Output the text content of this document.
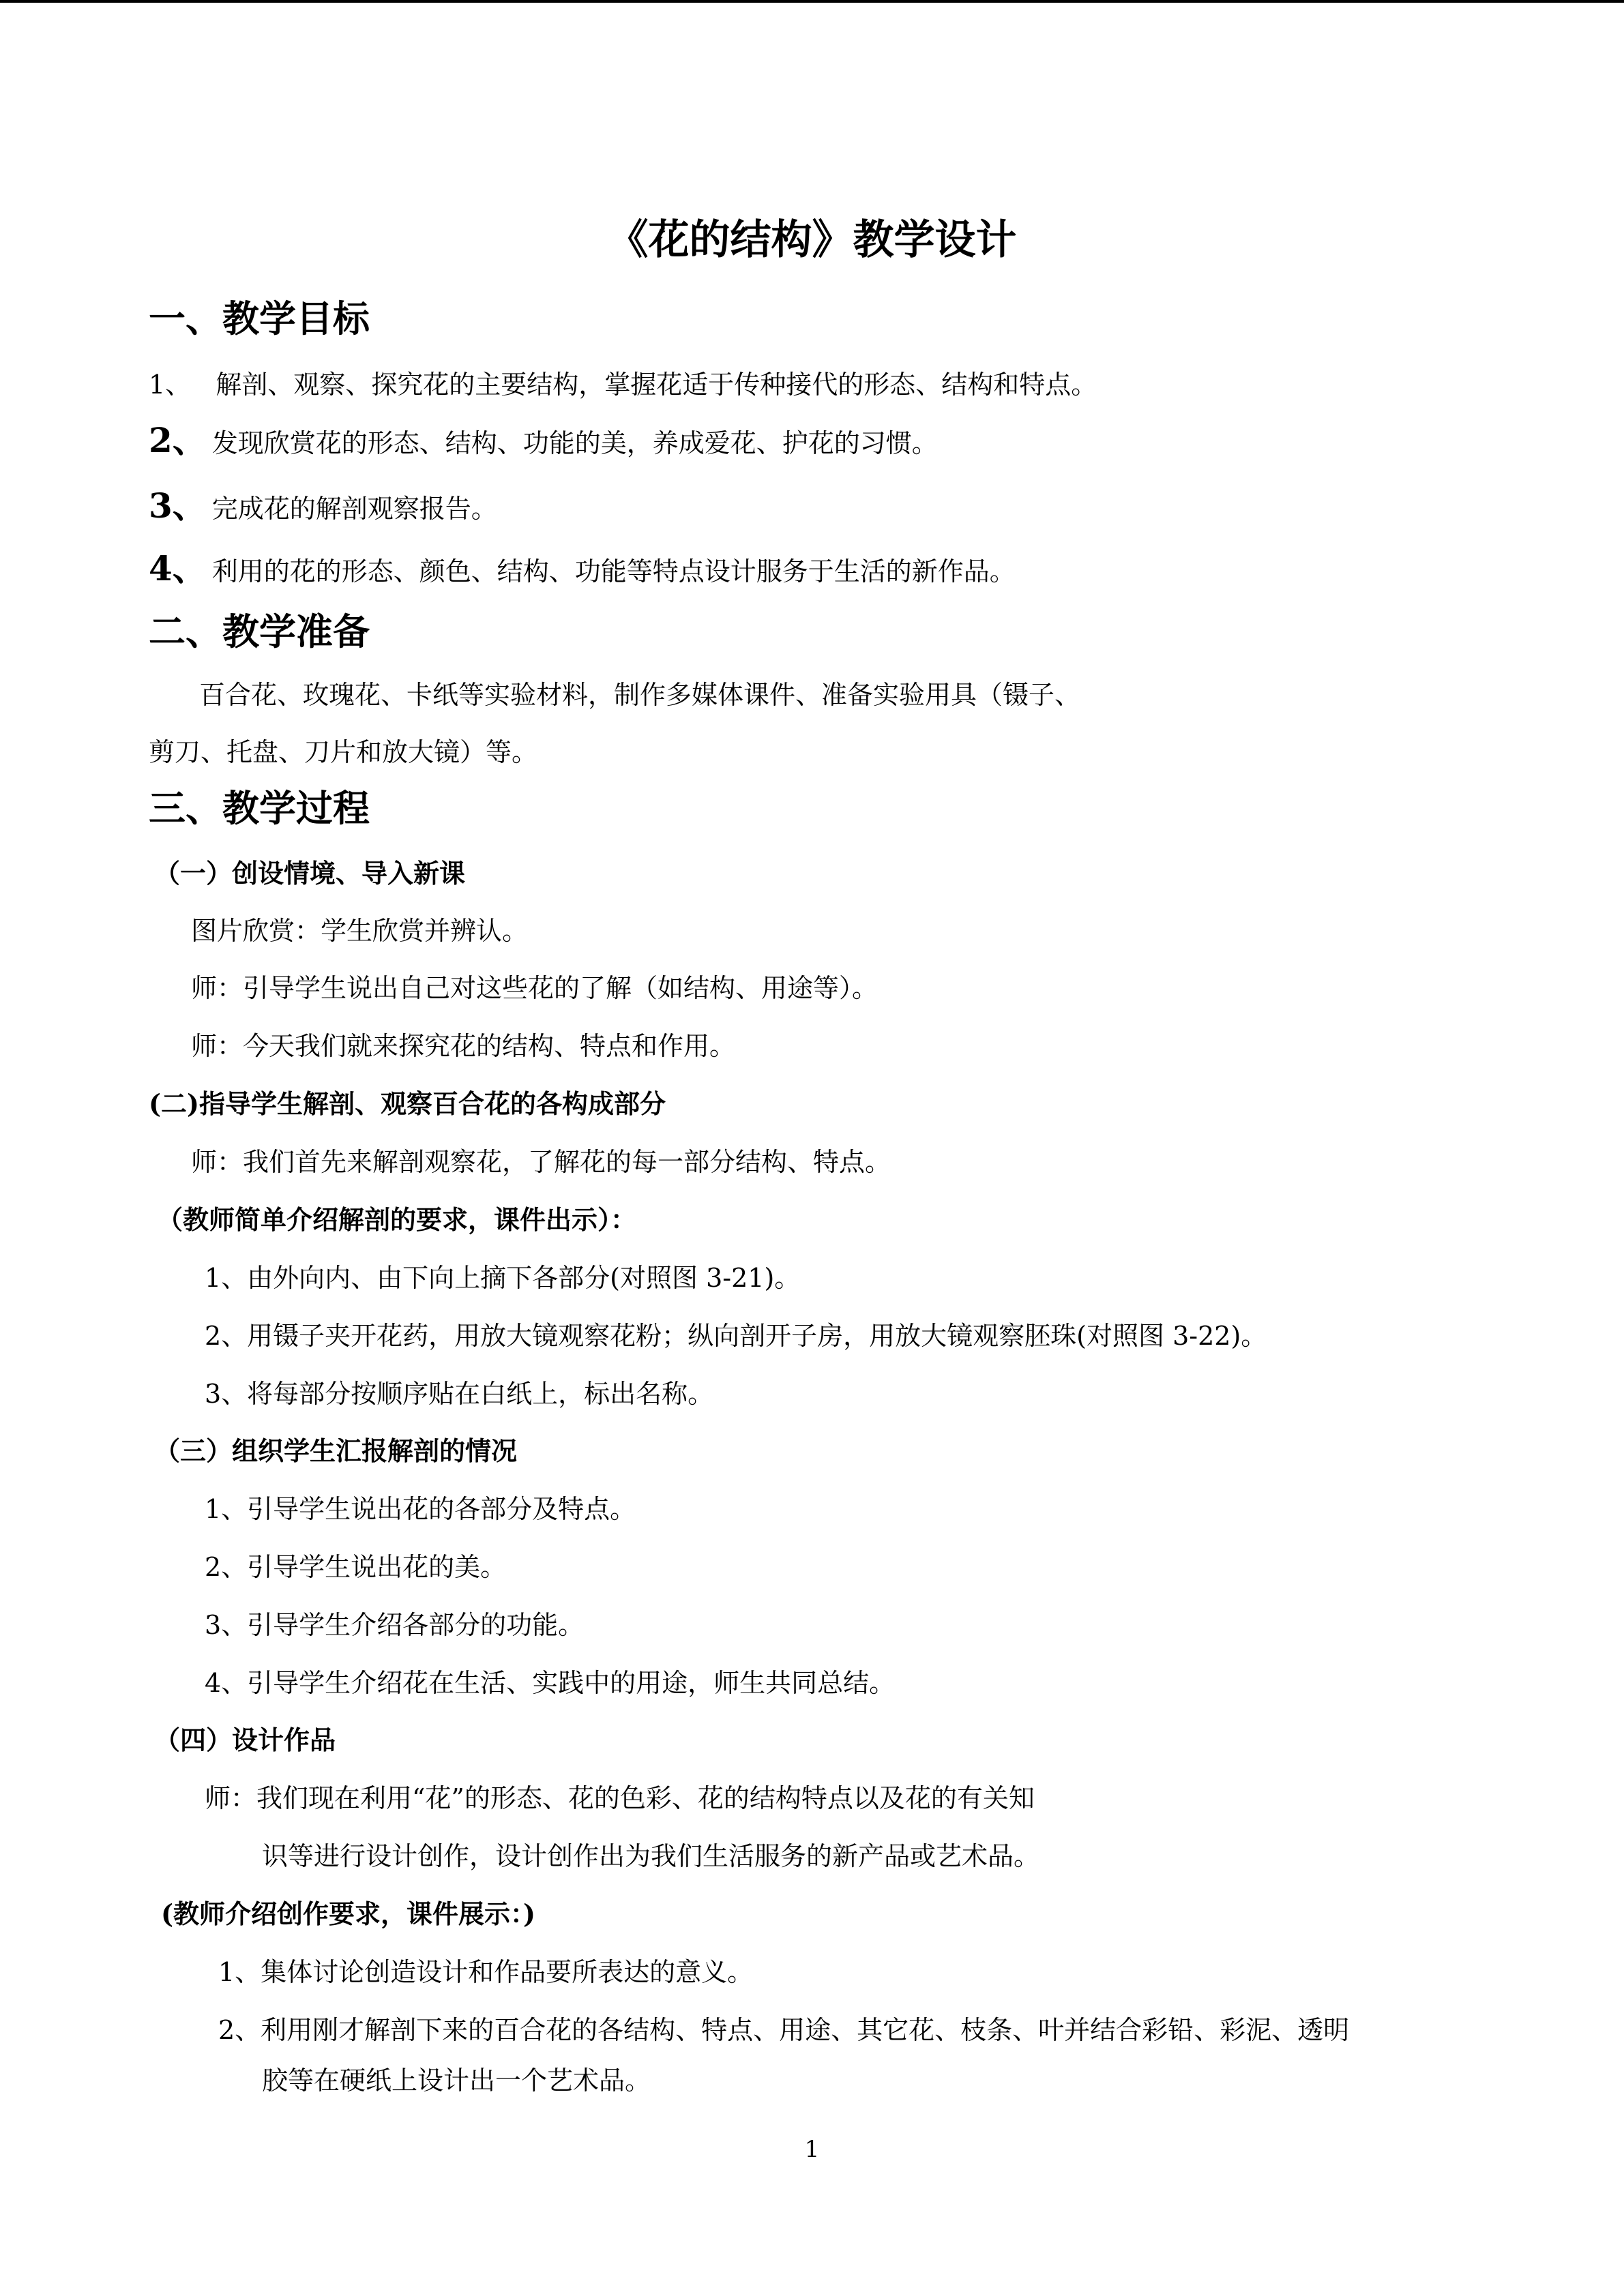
《花的结构》教学设计
一、教学目标
1、 解剖、观察、探究花的主要结构，掌握花适于传种接代的形态、结构和特点。
2、 发现欣赏花的形态、结构、功能的美，养成爱花、护花的习惯。
3、 完成花的解剖观察报告。
4、 利用的花的形态、颜色、结构、功能等特点设计服务于生活的新作品。
二、教学准备
百合花、玫瑰花、卡纸等实验材料，制作多媒体课件、准备实验用具（镊子、
剪刀、托盘、刀片和放大镜）等。
三、教学过程
（一）创设情境、导入新课
图片欣赏：学生欣赏并辨认。
师：引导学生说出自己对这些花的了解（如结构、用途等）。
师：今天我们就来探究花的结构、特点和作用。
(二)指导学生解剖、观察百合花的各构成部分
师：我们首先来解剖观察花，了解花的每一部分结构、特点。
（教师简单介绍解剖的要求，课件出示）：
1、由外向内、由下向上摘下各部分(对照图 3-21)。
2、用镊子夹开花药，用放大镜观察花粉；纵向剖开子房，用放大镜观察胚珠(对照图 3-22)。
3、将每部分按顺序贴在白纸上，标出名称。
（三）组织学生汇报解剖的情况
1、引导学生说出花的各部分及特点。
2、引导学生说出花的美。
3、引导学生介绍各部分的功能。
4、引导学生介绍花在生活、实践中的用途，师生共同总结。
（四）设计作品
师：我们现在利用“花”的形态、花的色彩、花的结构特点以及花的有关知
识等进行设计创作，设计创作出为我们生活服务的新产品或艺术品。
(教师介绍创作要求，课件展示：)
1、集体讨论创造设计和作品要所表达的意义。
2、利用刚才解剖下来的百合花的各结构、特点、用途、其它花、枝条、叶并结合彩铅、彩泥、透明
胶等在硬纸上设计出一个艺术品。
1
